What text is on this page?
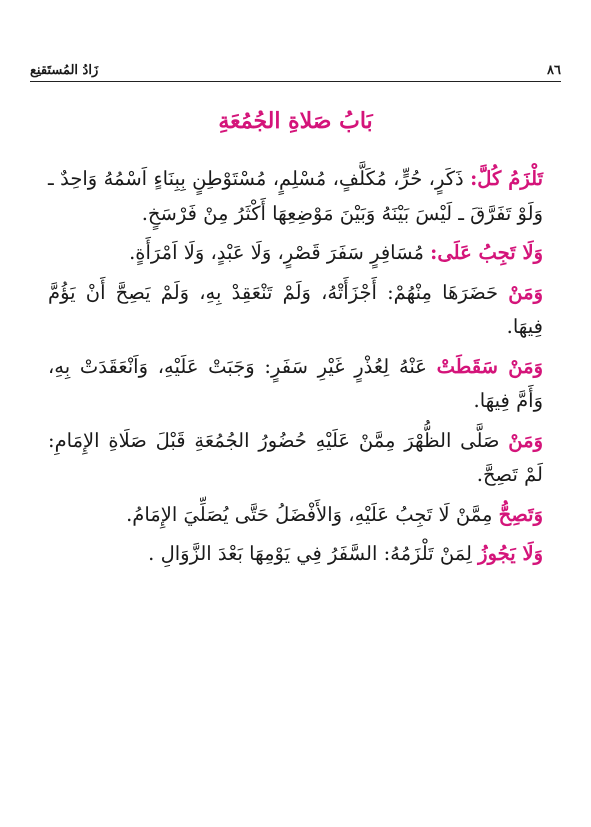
٨٦
زَادُ المُستَقنِع
بَابُ صَلاةِ الجُمُعَةِ

تَلْزَمُ كُلَّ: ذَكَرٍ، حُرٍّ، مُكَلَّفٍ، مُسْلِمٍ، مُسْتَوْطِنٍ بِبِنَاءٍ اَسْمُهُ وَاحِدٌ ـ وَلَوْ تَفَرَّقَ ـ لَيْسَ بَيْنَهُ وَبَيْنَ مَوْضِعِهَا أَكْثَرُ مِنْ فَرْسَخٍ.

وَلَا تَجِبُ عَلَى: مُسَافِرٍ سَفَرَ قَصْرٍ، وَلَا عَبْدٍ، وَلَا اَمْرَأَةٍ.

وَمَنْ حَضَرَهَا مِنْهُمْ: أَجْزَأَتْهُ، وَلَمْ تَنْعَقِدْ بِهِ، وَلَمْ يَصِحَّ أَنْ يَؤُمَّ فِيهَا.

وَمَنْ سَقَطَتْ عَنْهُ لِعُذْرٍ غَيْرِ سَفَرٍ: وَجَبَتْ عَلَيْهِ، وَاَنْعَقَدَتْ بِهِ، وَأَمَّ فِيهَا.

وَمَنْ صَلَّى الظُّهْرَ مِمَّنْ عَلَيْهِ حُضُورُ الجُمُعَةِ قَبْلَ صَلَاةِ الإِمَامِ: لَمْ تَصِحَّ.

وَتَصِحُّ مِمَّنْ لَا تَجِبُ عَلَيْهِ، وَالأَفْضَلُ حَتَّى يُصَلِّيَ الإِمَامُ.

وَلَا يَجُوزُ لِمَنْ تَلْزَمُهُ: السَّفَرُ فِي يَوْمِهَا بَعْدَ الزَّوَالِ .
